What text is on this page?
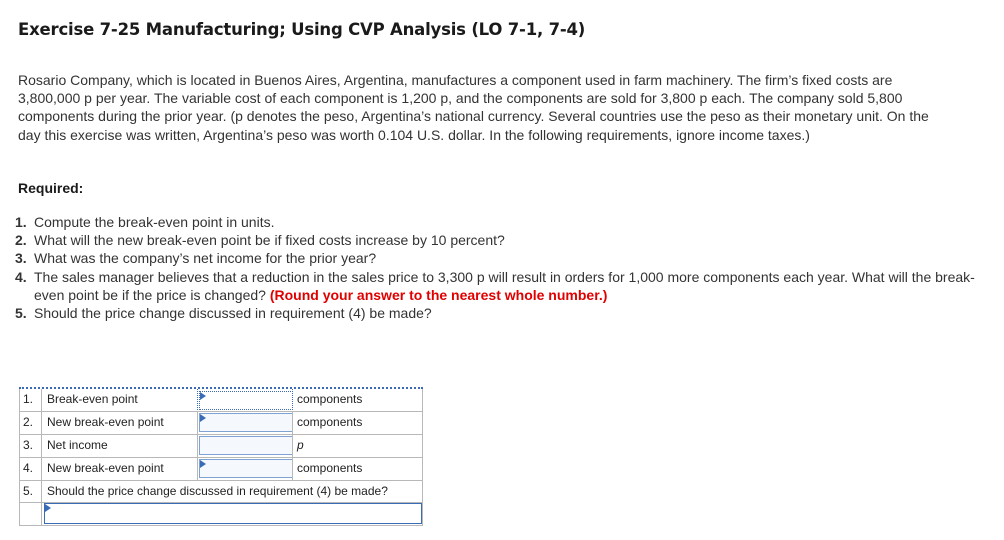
Exercise 7-25 Manufacturing; Using CVP Analysis (LO 7-1, 7-4)

Rosario Company, which is located in Buenos Aires, Argentina, manufactures a component used in farm machinery. The firm’s fixed costs are 3,800,000 p per year. The variable cost of each component is 1,200 p, and the components are sold for 3,800 p each. The company sold 5,800 components during the prior year. (p denotes the peso, Argentina’s national currency. Several countries use the peso as their monetary unit. On the day this exercise was written, Argentina’s peso was worth 0.104 U.S. dollar. In the following requirements, ignore income taxes.)

Required:

1. Compute the break-even point in units.
2. What will the new break-even point be if fixed costs increase by 10 percent?
3. What was the company’s net income for the prior year?
4. The sales manager believes that a reduction in the sales price to 3,300 p will result in orders for 1,000 more components each year. What will the break-even point be if the price is changed? (Round your answer to the nearest whole number.)
5. Should the price change discussed in requirement (4) be made?
1. Break-even point	components
2. New break-even point	components
3. Net income	p
4. New break-even point	components
5. Should the price change discussed in requirement (4) be made?
